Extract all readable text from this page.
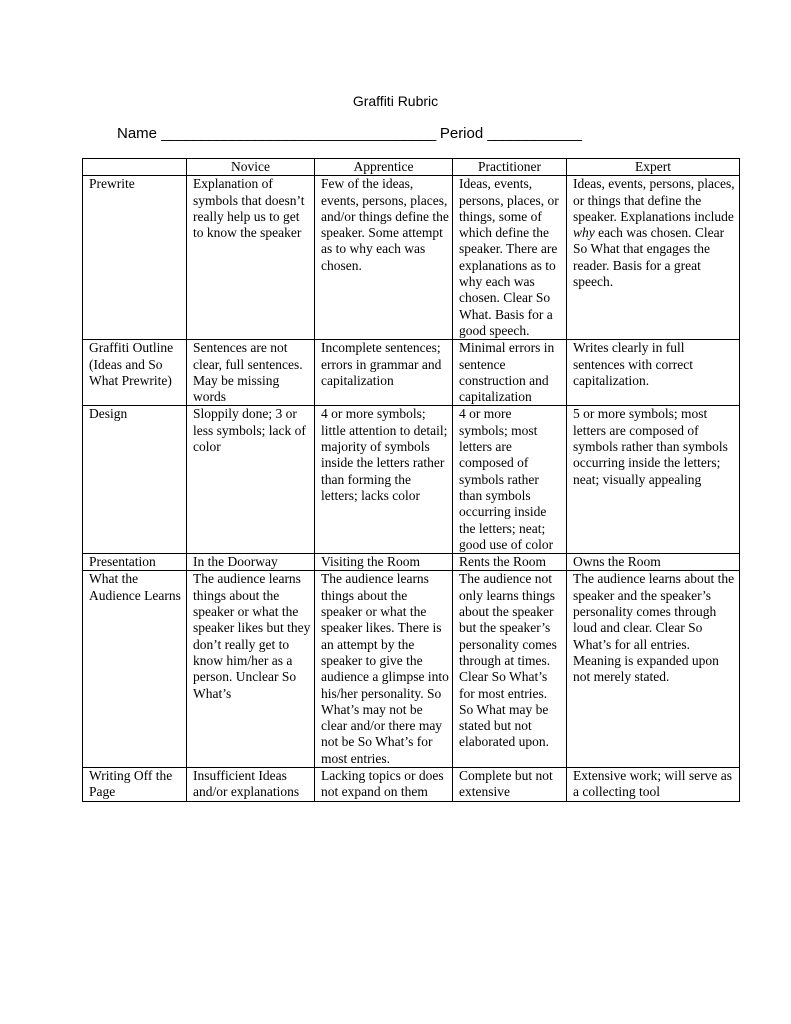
Graffiti Rubric
Name ___________________________________ Period ____________
	Novice	Apprentice	Practitioner	Expert
Prewrite	Explanation of symbols that doesn’t really help us to get to know the speaker	Few of the ideas, events, persons, places, and/or things define the speaker. Some attempt as to why each was chosen.	Ideas, events, persons, places, or things, some of which define the speaker. There are explanations as to why each was chosen. Clear So What. Basis for a good speech.	Ideas, events, persons, places, or things that define the speaker. Explanations include why each was chosen. Clear So What that engages the reader. Basis for a great speech.
Graffiti Outline (Ideas and So What Prewrite)	Sentences are not clear, full sentences. May be missing words	Incomplete sentences; errors in grammar and capitalization	Minimal errors in sentence construction and capitalization	Writes clearly in full sentences with correct capitalization.
Design	Sloppily done; 3 or less symbols; lack of color	4 or more symbols; little attention to detail; majority of symbols inside the letters rather than forming the letters; lacks color	4 or more symbols; most letters are composed of symbols rather than symbols occurring inside the letters; neat; good use of color	5 or more symbols; most letters are composed of symbols rather than symbols occurring inside the letters; neat; visually appealing
Presentation	In the Doorway	Visiting the Room	Rents the Room	Owns the Room
What the Audience Learns	The audience learns things about the speaker or what the speaker likes but they don’t really get to know him/her as a person. Unclear So What’s	The audience learns things about the speaker or what the speaker likes. There is an attempt by the speaker to give the audience a glimpse into his/her personality. So What’s may not be clear and/or there may not be So What’s for most entries.	The audience not only learns things about the speaker but the speaker’s personality comes through at times. Clear So What’s for most entries. So What may be stated but not elaborated upon.	The audience learns about the speaker and the speaker’s personality comes through loud and clear. Clear So What’s for all entries. Meaning is expanded upon not merely stated.
Writing Off the Page	Insufficient Ideas and/or explanations	Lacking topics or does not expand on them	Complete but not extensive	Extensive work; will serve as a collecting tool
